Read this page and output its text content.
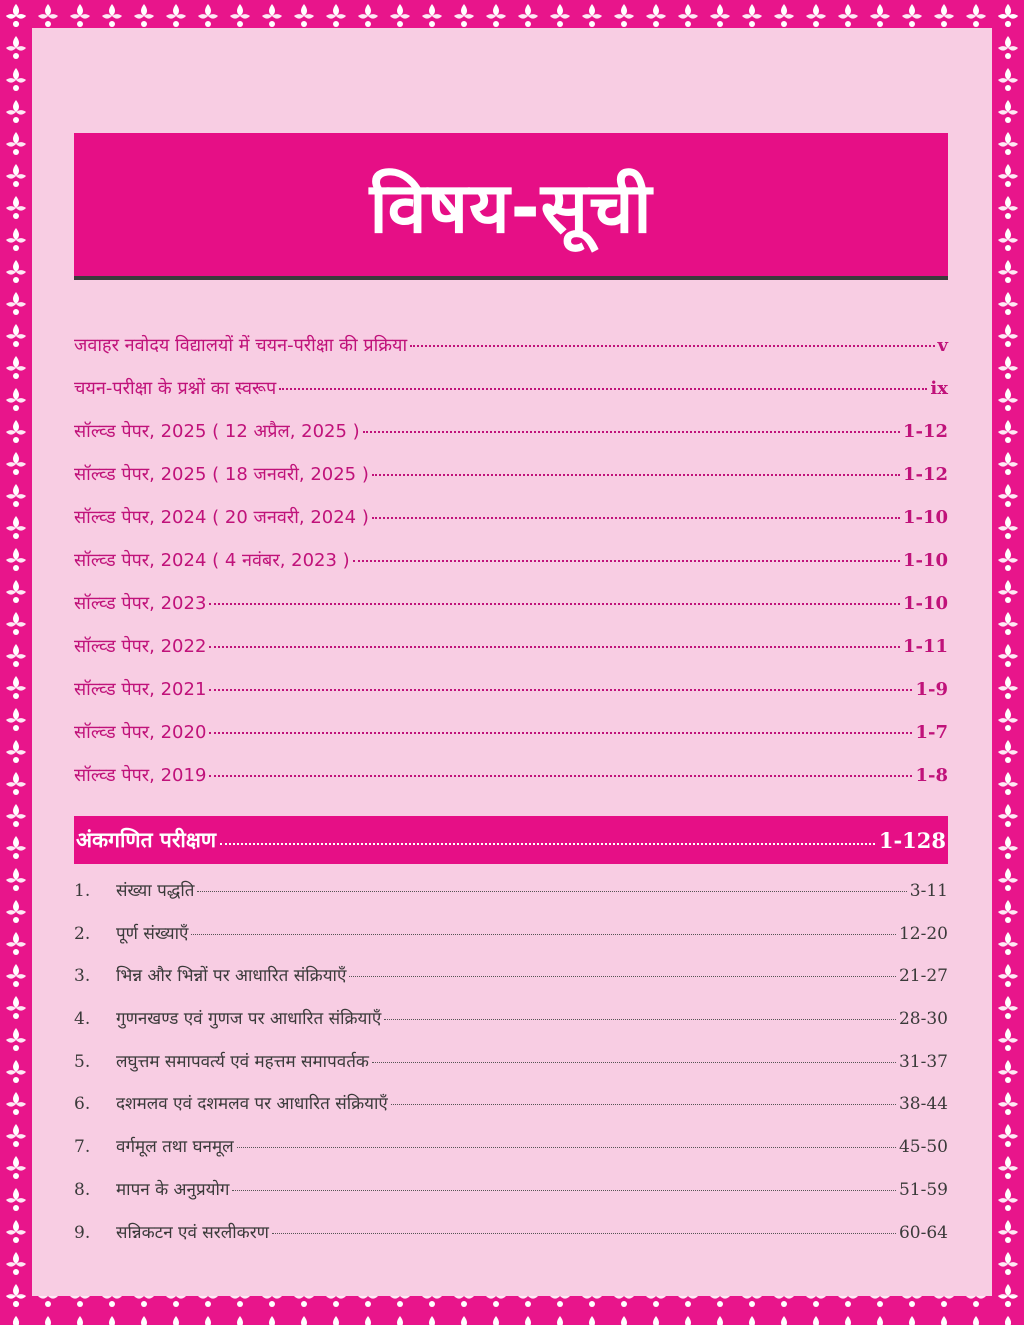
विषय-सूची
जवाहर नवोदय विद्यालयों में चयन-परीक्षा की प्रक्रिया	v
चयन-परीक्षा के प्रश्नों का स्वरूप	ix
सॉल्व्ड पेपर, 2025 ( 12 अप्रैल, 2025 )	1-12
सॉल्व्ड पेपर, 2025 ( 18 जनवरी, 2025 )	1-12
सॉल्व्ड पेपर, 2024 ( 20 जनवरी, 2024 )	1-10
सॉल्व्ड पेपर, 2024 ( 4 नवंबर, 2023 )	1-10
सॉल्व्ड पेपर, 2023	1-10
सॉल्व्ड पेपर, 2022	1-11
सॉल्व्ड पेपर, 2021	1-9
सॉल्व्ड पेपर, 2020	1-7
सॉल्व्ड पेपर, 2019	1-8
अंकगणित परीक्षण	1-128
1.	संख्या पद्धति	3-11
2.	पूर्ण संख्याएँ	12-20
3.	भिन्न और भिन्नों पर आधारित संक्रियाएँ	21-27
4.	गुणनखण्ड एवं गुणज पर आधारित संक्रियाएँ	28-30
5.	लघुत्तम समापवर्त्य एवं महत्तम समापवर्तक	31-37
6.	दशमलव एवं दशमलव पर आधारित संक्रियाएँ	38-44
7.	वर्गमूल तथा घनमूल	45-50
8.	मापन के अनुप्रयोग	51-59
9.	सन्निकटन एवं सरलीकरण	60-64
